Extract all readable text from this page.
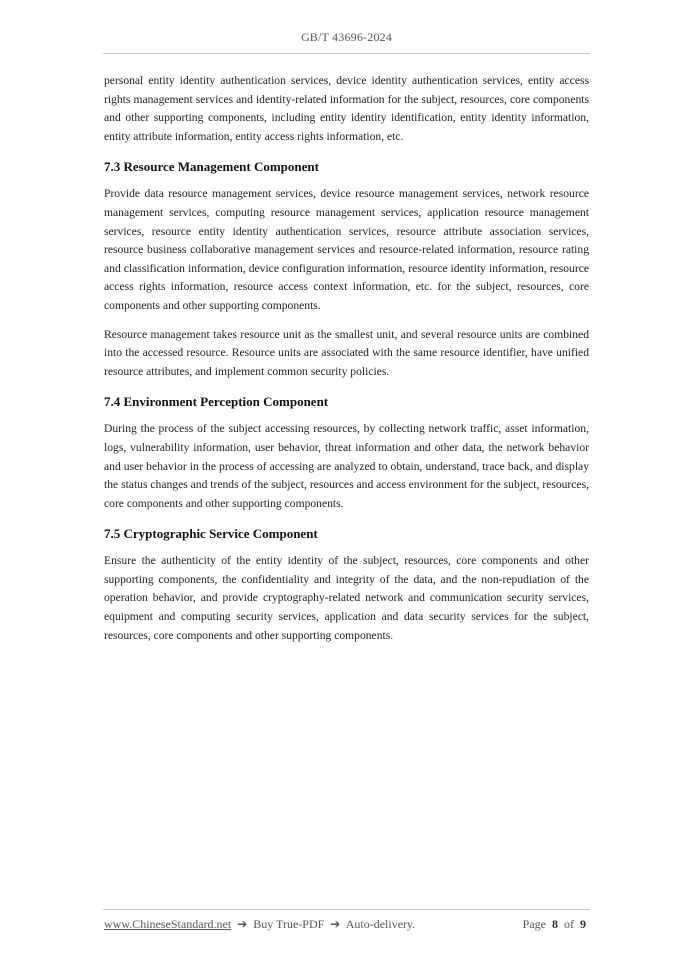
GB/T 43696-2024

personal entity identity authentication services, device identity authentication services, entity access rights management services and identity-related information for the subject, resources, core components and other supporting components, including entity identity identification, entity identity information, entity attribute information, entity access rights information, etc.

7.3 Resource Management Component

Provide data resource management services, device resource management services, network resource management services, computing resource management services, application resource management services, resource entity identity authentication services, resource attribute association services, resource business collaborative management services and resource-related information, resource rating and classification information, device configuration information, resource identity information, resource access rights information, resource access context information, etc. for the subject, resources, core components and other supporting components.

Resource management takes resource unit as the smallest unit, and several resource units are combined into the accessed resource. Resource units are associated with the same resource identifier, have unified resource attributes, and implement common security policies.

7.4 Environment Perception Component

During the process of the subject accessing resources, by collecting network traffic, asset information, logs, vulnerability information, user behavior, threat information and other data, the network behavior and user behavior in the process of accessing are analyzed to obtain, understand, trace back, and display the status changes and trends of the subject, resources and access environment for the subject, resources, core components and other supporting components.

7.5 Cryptographic Service Component

Ensure the authenticity of the entity identity of the subject, resources, core components and other supporting components, the confidentiality and integrity of the data, and the non-repudiation of the operation behavior, and provide cryptography-related network and communication security services, equipment and computing security services, application and data security services for the subject, resources, core components and other supporting components.

www.ChineseStandard.net ➔ Buy True-PDF ➔ Auto-delivery.	Page 8 of 9
